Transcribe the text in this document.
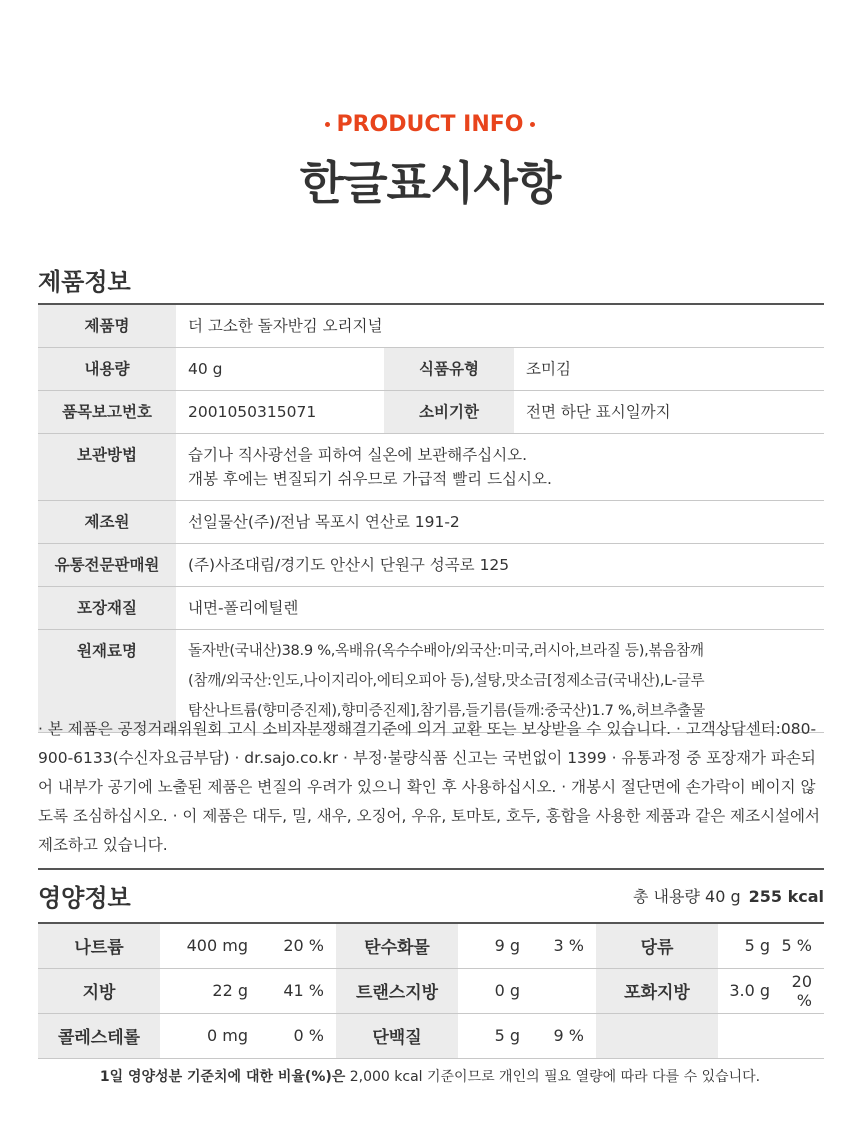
PRODUCT INFO
한글표시사항
제품정보
제품명	더 고소한 돌자반김 오리지널		
내용량	40 g	식품유형	조미김
품목보고번호	2001050315071	소비기한	전면 하단 표시일까지
보관방법	습기나 직사광선을 피하여 실온에 보관해주십시오.
개봉 후에는 변질되기 쉬우므로 가급적 빨리 드십시오.		

제조원	선일물산(주)/전남 목포시 연산로 191-2		
유통전문판매원	(주)사조대림/경기도 안산시 단원구 성곡로 125		
포장재질	내면-폴리에틸렌		
원재료명	돌자반(국내산)38.9 %,옥배유(옥수수배아/외국산:미국,러시아,브라질 등),볶음참깨
(참깨/외국산:인도,나이지리아,에티오피아 등),설탕,맛소금[정제소금(국내산),L-글루
탐산나트륨(향미증진제),향미증진제],참기름,들기름(들깨:중국산)1.7 %,허브추출물		
· 본 제품은 공정거래위원회 고시 소비자분쟁해결기준에 의거 교환 또는 보상받을 수 있습니다. · 고객상담센터:080-900-6133(수신자요금부담) · dr.sajo.co.kr · 부정·불량식품 신고는 국번없이 1399 · 유통과정 중 포장재가 파손되어 내부가 공기에 노출된 제품은 변질의 우려가 있으니 확인 후 사용하십시오. · 개봉시 절단면에 손가락이 베이지 않도록 조심하십시오. · 이 제품은 대두, 밀, 새우, 오징어, 우유, 토마토, 호두, 홍합을 사용한 제품과 같은 제조시설에서 제조하고 있습니다.
영양정보	총 내용량 40 g 255 kcal
나트륨	400 mg	20 %	탄수화물	9 g	3 %	당류	5 g	5 %
지방	22 g	41 %	트랜스지방	0 g		포화지방	3.0 g	20 %
콜레스테롤	0 mg	0 %	단백질	5 g	9 %			
1일 영양성분 기준치에 대한 비율(%)은 2,000 kcal 기준이므로 개인의 필요 열량에 따라 다를 수 있습니다.
